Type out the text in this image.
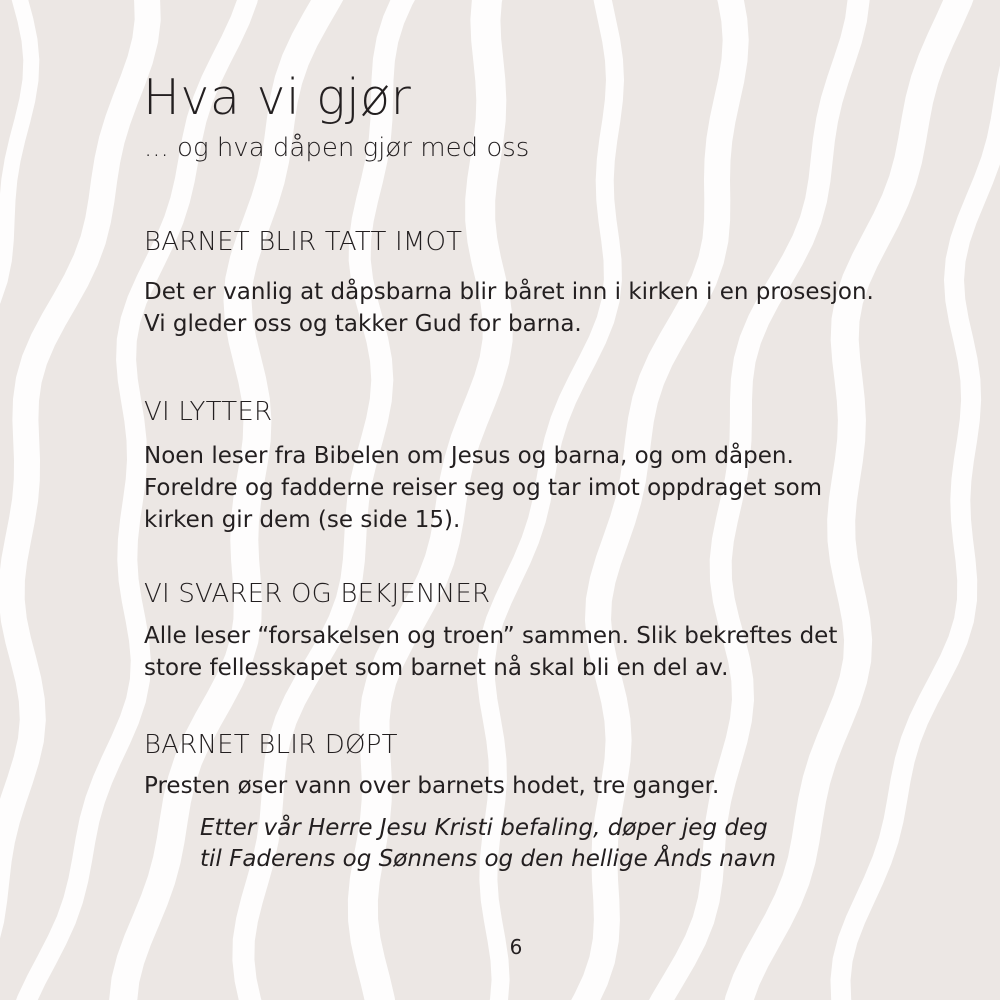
Hva vi gjør

... og hva dåpen gjør med oss

BARNET BLIR TATT IMOT

Det er vanlig at dåpsbarna blir båret inn i kirken i en prosesjon.
Vi gleder oss og takker Gud for barna.

VI LYTTER

Noen leser fra Bibelen om Jesus og barna, og om dåpen.
Foreldre og fadderne reiser seg og tar imot oppdraget som
kirken gir dem (se side 15).

VI SVARER OG BEKJENNER

Alle leser “forsakelsen og troen” sammen. Slik bekreftes det
store fellesskapet som barnet nå skal bli en del av.

BARNET BLIR DØPT

Presten øser vann over barnets hodet, tre ganger.

Etter vår Herre Jesu Kristi befaling, døper jeg deg
til Faderens og Sønnens og den hellige Ånds navn

6
